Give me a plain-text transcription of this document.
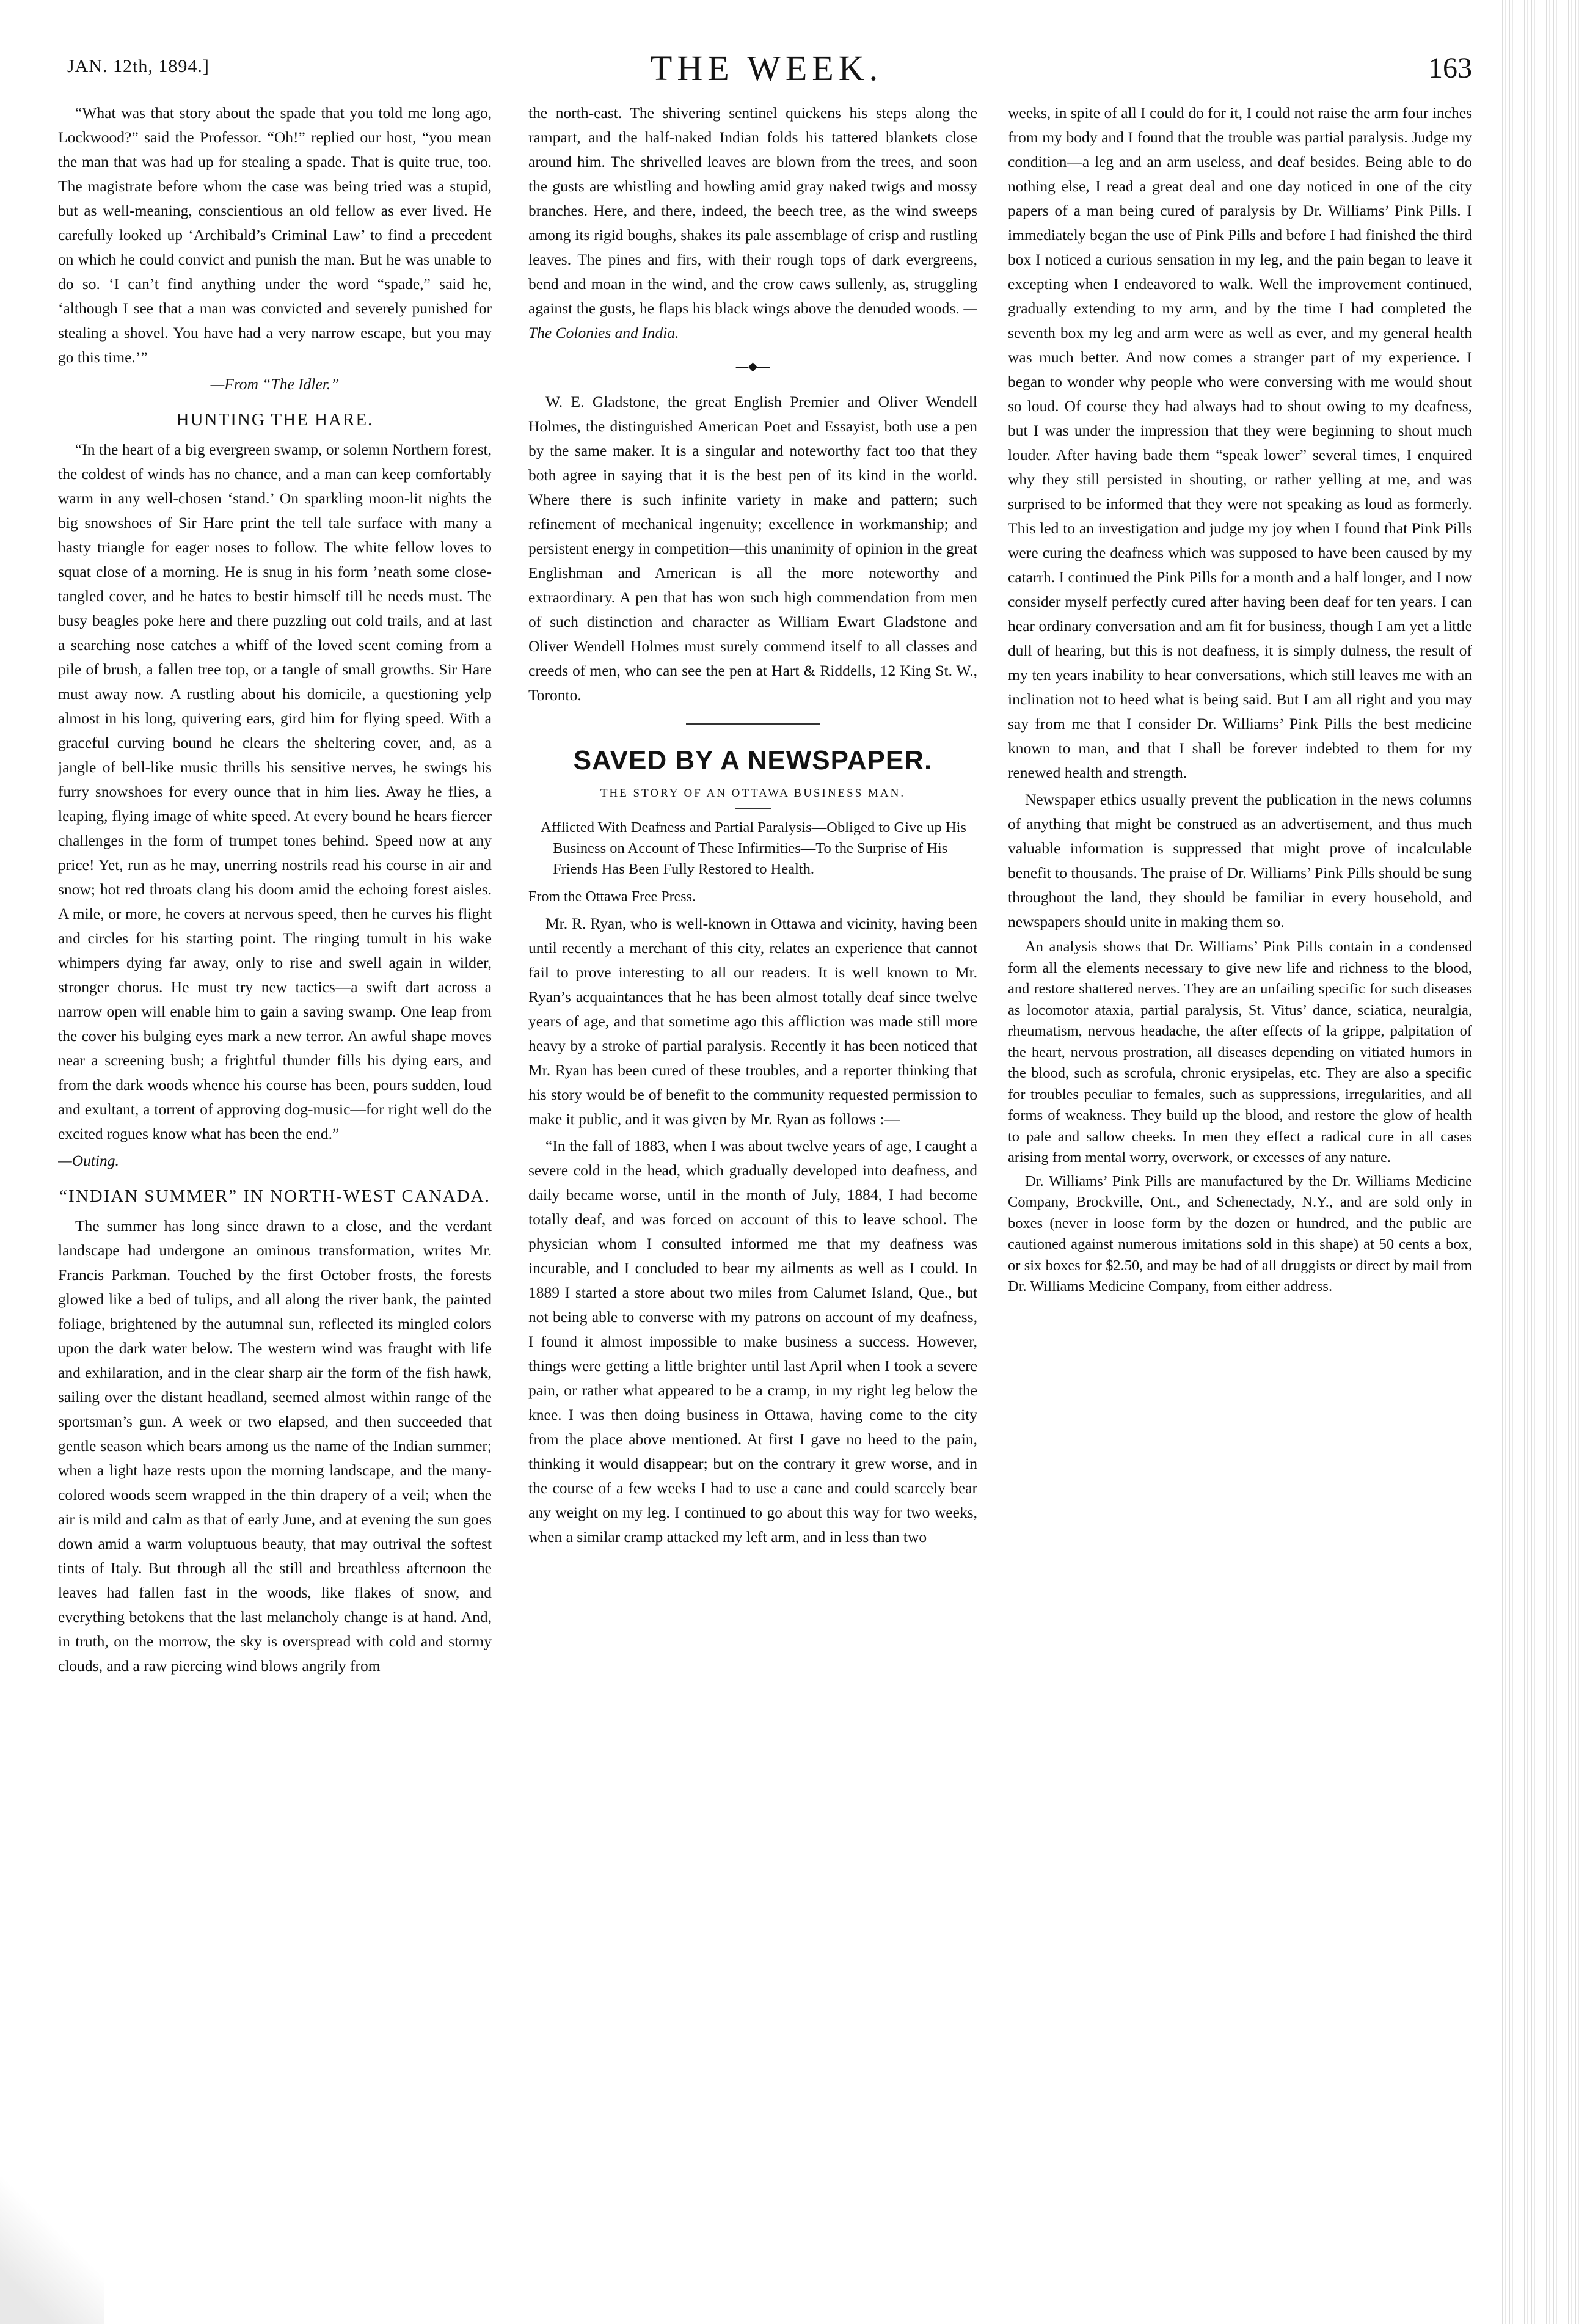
JAN. 12th, 1894.]	THE WEEK.	163

“What was that story about the spade that you told me long ago, Lockwood?” said the Professor. “Oh!” replied our host, “you mean the man that was had up for stealing a spade. That is quite true, too. The magistrate before whom the case was being tried was a stupid, but as well-meaning, conscientious an old fellow as ever lived. He carefully looked up ‘Archibald’s Criminal Law’ to find a precedent on which he could convict and punish the man. But he was unable to do so. ‘I can’t find anything under the word “spade,” said he, ‘although I see that a man was convicted and severely punished for stealing a shovel. You have had a very narrow escape, but you may go this time.’”

—From “The Idler.”

HUNTING THE HARE.

“In the heart of a big evergreen swamp, or solemn Northern forest, the coldest of winds has no chance, and a man can keep comfortably warm in any well-chosen ‘stand.’ On sparkling moon-lit nights the big snowshoes of Sir Hare print the tell tale surface with many a hasty triangle for eager noses to follow. The white fellow loves to squat close of a morning. He is snug in his form ’neath some close-tangled cover, and he hates to bestir himself till he needs must. The busy beagles poke here and there puzzling out cold trails, and at last a searching nose catches a whiff of the loved scent coming from a pile of brush, a fallen tree top, or a tangle of small growths. Sir Hare must away now. A rustling about his domicile, a questioning yelp almost in his long, quivering ears, gird him for flying speed. With a graceful curving bound he clears the sheltering cover, and, as a jangle of bell-like music thrills his sensitive nerves, he swings his furry snowshoes for every ounce that in him lies. Away he flies, a leaping, flying image of white speed. At every bound he hears fiercer challenges in the form of trumpet tones behind. Speed now at any price! Yet, run as he may, unerring nostrils read his course in air and snow; hot red throats clang his doom amid the echoing forest aisles. A mile, or more, he covers at nervous speed, then he curves his flight and circles for his starting point. The ringing tumult in his wake whimpers dying far away, only to rise and swell again in wilder, stronger chorus. He must try new tactics—a swift dart across a narrow open will enable him to gain a saving swamp. One leap from the cover his bulging eyes mark a new terror. An awful shape moves near a screening bush; a frightful thunder fills his dying ears, and from the dark woods whence his course has been, pours sudden, loud and exultant, a torrent of approving dog-music—for right well do the excited rogues know what has been the end.”

—Outing.

“INDIAN SUMMER” IN NORTH-WEST CANADA.

The summer has long since drawn to a close, and the verdant landscape had undergone an ominous transformation, writes Mr. Francis Parkman. Touched by the first October frosts, the forests glowed like a bed of tulips, and all along the river bank, the painted foliage, brightened by the autumnal sun, reflected its mingled colors upon the dark water below. The western wind was fraught with life and exhilaration, and in the clear sharp air the form of the fish hawk, sailing over the distant headland, seemed almost within range of the sportsman’s gun. A week or two elapsed, and then succeeded that gentle season which bears among us the name of the Indian summer; when a light haze rests upon the morning landscape, and the many-colored woods seem wrapped in the thin drapery of a veil; when the air is mild and calm as that of early June, and at evening the sun goes down amid a warm voluptuous beauty, that may outrival the softest tints of Italy. But through all the still and breathless afternoon the leaves had fallen fast in the woods, like flakes of snow, and everything betokens that the last melancholy change is at hand. And, in truth, on the morrow, the sky is overspread with cold and stormy clouds, and a raw piercing wind blows angrily from

the north-east. The shivering sentinel quickens his steps along the rampart, and the half-naked Indian folds his tattered blankets close around him. The shrivelled leaves are blown from the trees, and soon the gusts are whistling and howling amid gray naked twigs and mossy branches. Here, and there, indeed, the beech tree, as the wind sweeps among its rigid boughs, shakes its pale assemblage of crisp and rustling leaves. The pines and firs, with their rough tops of dark evergreens, bend and moan in the wind, and the crow caws sullenly, as, struggling against the gusts, he flaps his black wings above the denuded woods. —The Colonies and India.

—◆—

W. E. Gladstone, the great English Premier and Oliver Wendell Holmes, the distinguished American Poet and Essayist, both use a pen by the same maker. It is a singular and noteworthy fact too that they both agree in saying that it is the best pen of its kind in the world. Where there is such infinite variety in make and pattern; such refinement of mechanical ingenuity; excellence in workmanship; and persistent energy in competition—this unanimity of opinion in the great Englishman and American is all the more noteworthy and extraordinary. A pen that has won such high commendation from men of such distinction and character as William Ewart Gladstone and Oliver Wendell Holmes must surely commend itself to all classes and creeds of men, who can see the pen at Hart & Riddells, 12 King St. W., Toronto.

SAVED BY A NEWSPAPER.
THE STORY OF AN OTTAWA BUSINESS MAN.
Afflicted With Deafness and Partial Paralysis—Obliged to Give up His Business on Account of These Infirmities—To the Surprise of His Friends Has Been Fully Restored to Health.
From the Ottawa Free Press.

Mr. R. Ryan, who is well-known in Ottawa and vicinity, having been until recently a merchant of this city, relates an experience that cannot fail to prove interesting to all our readers. It is well known to Mr. Ryan’s acquaintances that he has been almost totally deaf since twelve years of age, and that sometime ago this affliction was made still more heavy by a stroke of partial paralysis. Recently it has been noticed that Mr. Ryan has been cured of these troubles, and a reporter thinking that his story would be of benefit to the community requested permission to make it public, and it was given by Mr. Ryan as follows :—

“In the fall of 1883, when I was about twelve years of age, I caught a severe cold in the head, which gradually developed into deafness, and daily became worse, until in the month of July, 1884, I had become totally deaf, and was forced on account of this to leave school. The physician whom I consulted informed me that my deafness was incurable, and I concluded to bear my ailments as well as I could. In 1889 I started a store about two miles from Calumet Island, Que., but not being able to converse with my patrons on account of my deafness, I found it almost impossible to make business a success. However, things were getting a little brighter until last April when I took a severe pain, or rather what appeared to be a cramp, in my right leg below the knee. I was then doing business in Ottawa, having come to the city from the place above mentioned. At first I gave no heed to the pain, thinking it would disappear; but on the contrary it grew worse, and in the course of a few weeks I had to use a cane and could scarcely bear any weight on my leg. I continued to go about this way for two weeks, when a similar cramp attacked my left arm, and in less than two

weeks, in spite of all I could do for it, I could not raise the arm four inches from my body and I found that the trouble was partial paralysis. Judge my condition—a leg and an arm useless, and deaf besides. Being able to do nothing else, I read a great deal and one day noticed in one of the city papers of a man being cured of paralysis by Dr. Williams’ Pink Pills. I immediately began the use of Pink Pills and before I had finished the third box I noticed a curious sensation in my leg, and the pain began to leave it excepting when I endeavored to walk. Well the improvement continued, gradually extending to my arm, and by the time I had completed the seventh box my leg and arm were as well as ever, and my general health was much better. And now comes a stranger part of my experience. I began to wonder why people who were conversing with me would shout so loud. Of course they had always had to shout owing to my deafness, but I was under the impression that they were beginning to shout much louder. After having bade them “speak lower” several times, I enquired why they still persisted in shouting, or rather yelling at me, and was surprised to be informed that they were not speaking as loud as formerly. This led to an investigation and judge my joy when I found that Pink Pills were curing the deafness which was supposed to have been caused by my catarrh. I continued the Pink Pills for a month and a half longer, and I now consider myself perfectly cured after having been deaf for ten years. I can hear ordinary conversation and am fit for business, though I am yet a little dull of hearing, but this is not deafness, it is simply dulness, the result of my ten years inability to hear conversations, which still leaves me with an inclination not to heed what is being said. But I am all right and you may say from me that I consider Dr. Williams’ Pink Pills the best medicine known to man, and that I shall be forever indebted to them for my renewed health and strength.

Newspaper ethics usually prevent the publication in the news columns of anything that might be construed as an advertisement, and thus much valuable information is suppressed that might prove of incalculable benefit to thousands. The praise of Dr. Williams’ Pink Pills should be sung throughout the land, they should be familiar in every household, and newspapers should unite in making them so.

An analysis shows that Dr. Williams’ Pink Pills contain in a condensed form all the elements necessary to give new life and richness to the blood, and restore shattered nerves. They are an unfailing specific for such diseases as locomotor ataxia, partial paralysis, St. Vitus’ dance, sciatica, neuralgia, rheumatism, nervous headache, the after effects of la grippe, palpitation of the heart, nervous prostration, all diseases depending on vitiated humors in the blood, such as scrofula, chronic erysipelas, etc. They are also a specific for troubles peculiar to females, such as suppressions, irregularities, and all forms of weakness. They build up the blood, and restore the glow of health to pale and sallow cheeks. In men they effect a radical cure in all cases arising from mental worry, overwork, or excesses of any nature.

Dr. Williams’ Pink Pills are manufactured by the Dr. Williams Medicine Company, Brockville, Ont., and Schenectady, N.Y., and are sold only in boxes (never in loose form by the dozen or hundred, and the public are cautioned against numerous imitations sold in this shape) at 50 cents a box, or six boxes for $2.50, and may be had of all druggists or direct by mail from Dr. Williams Medicine Company, from either address.
